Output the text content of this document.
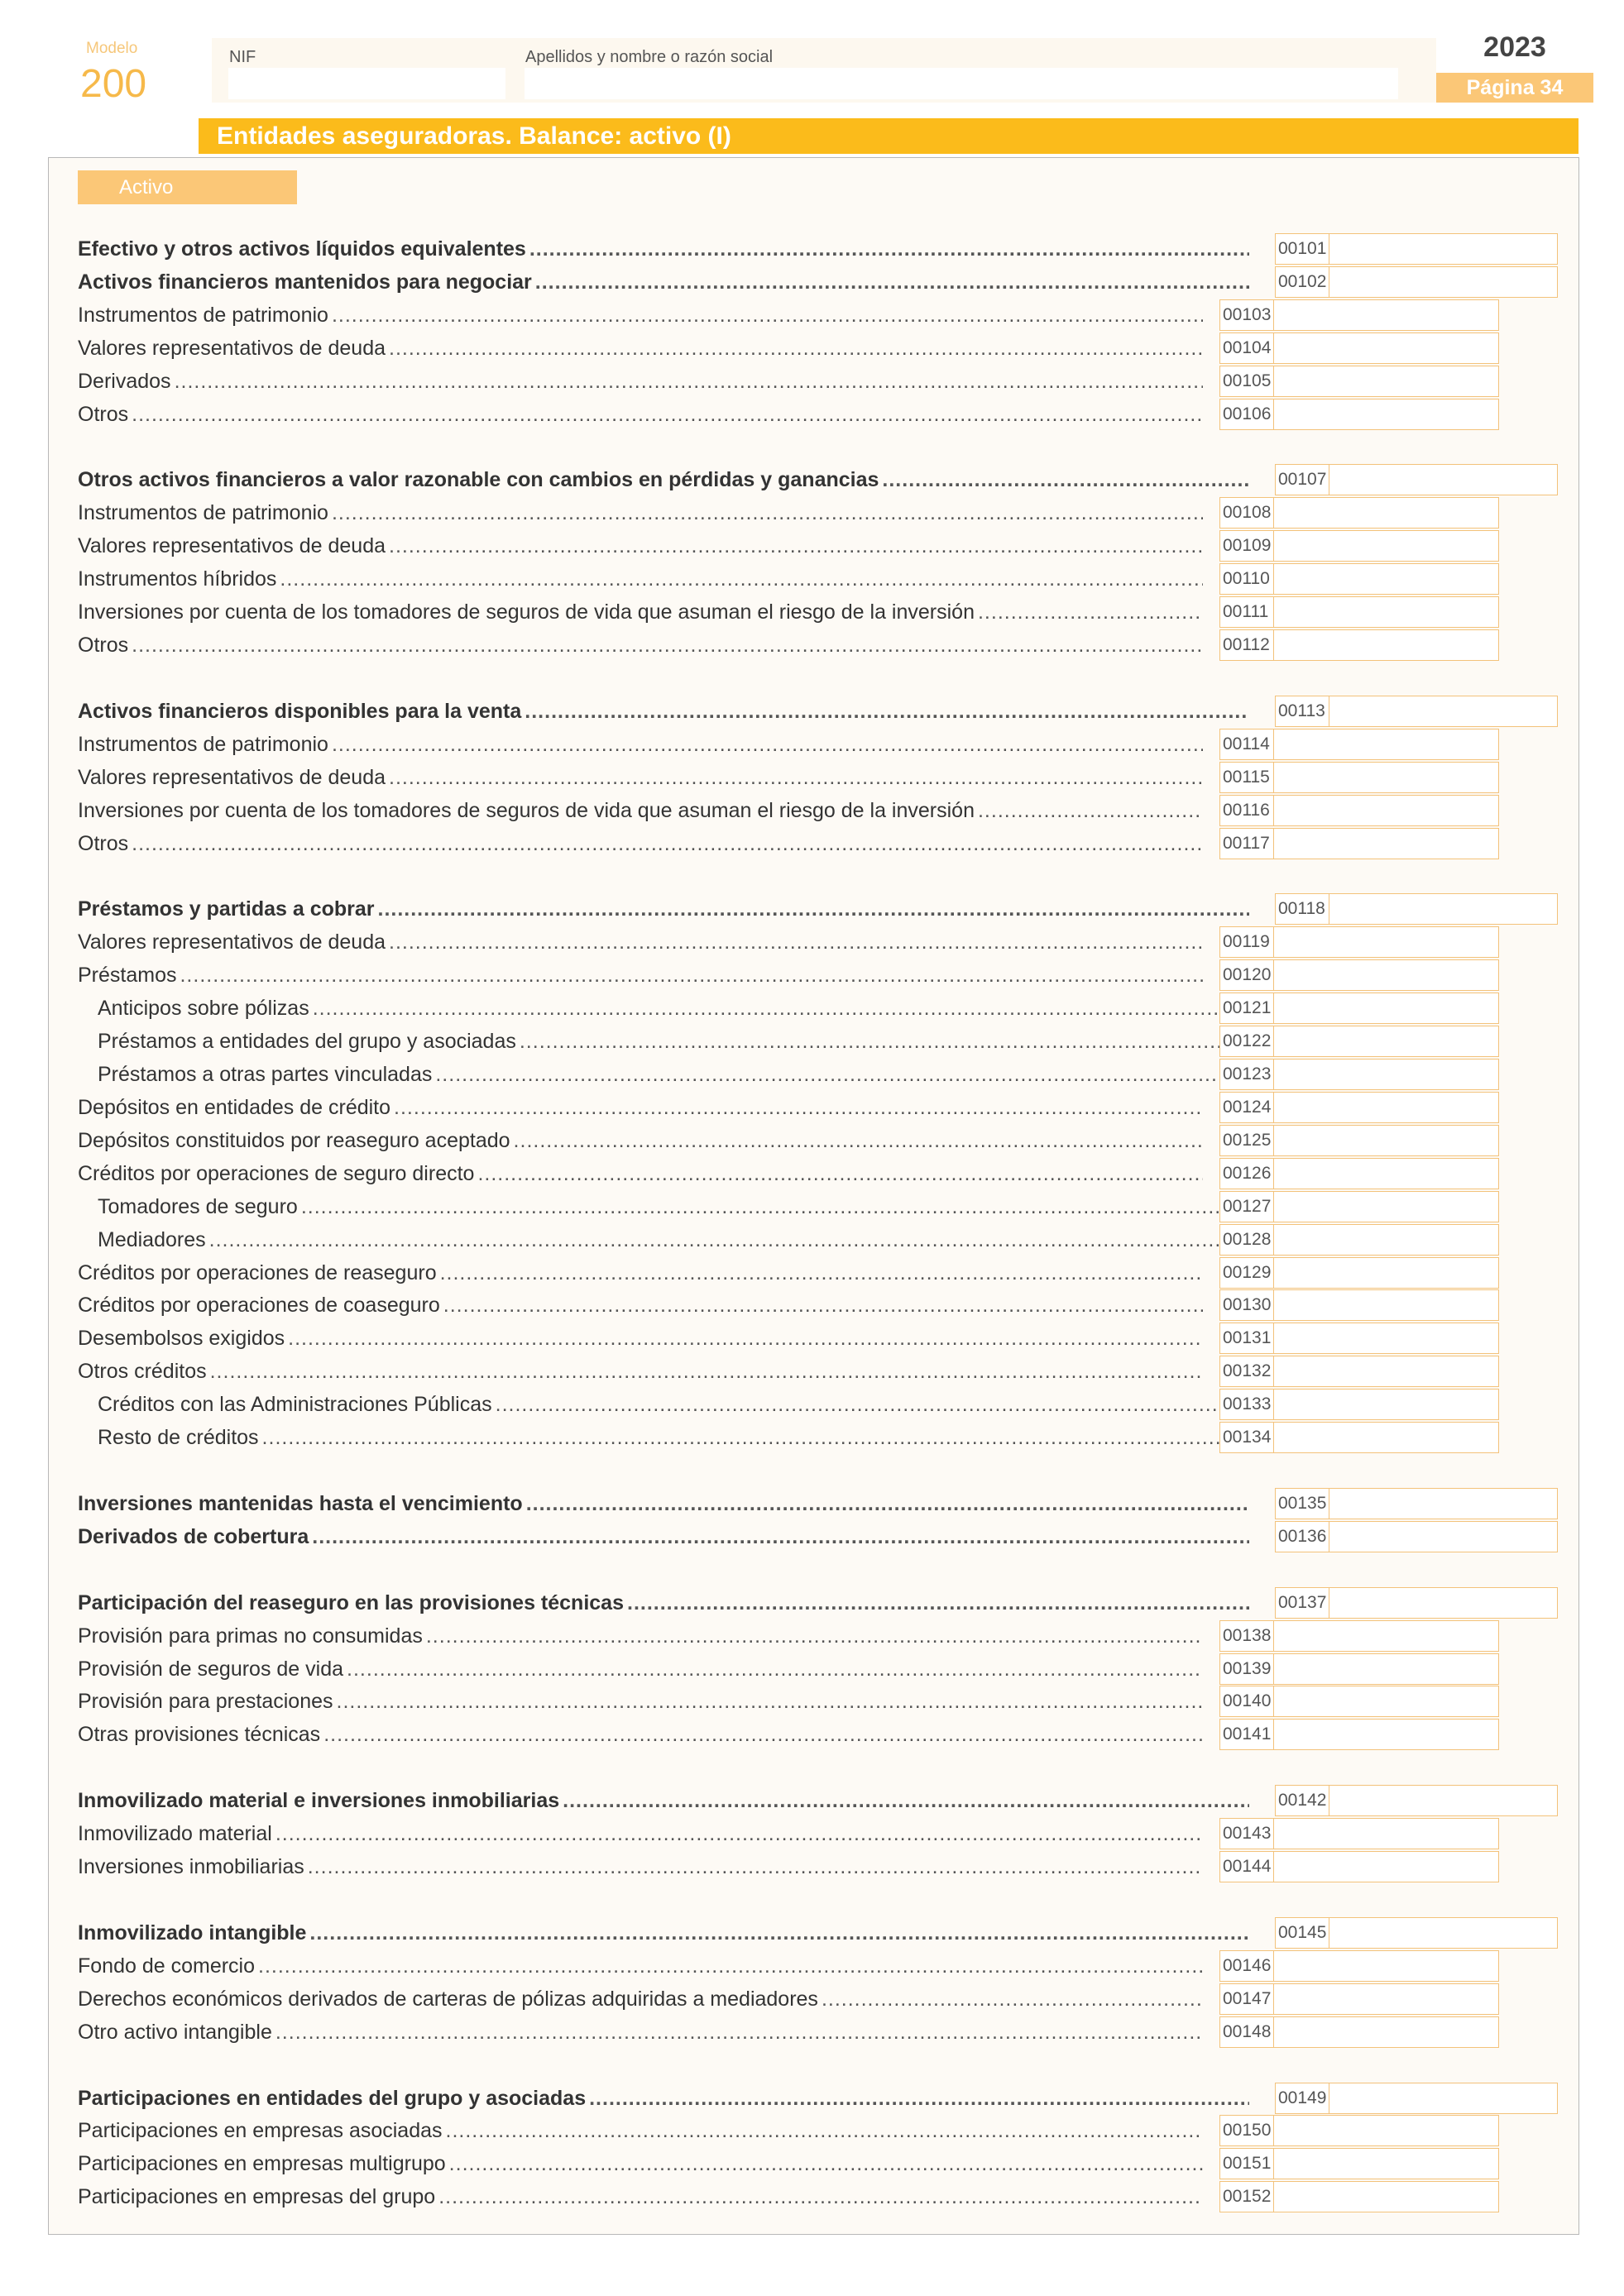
Modelo
200
NIF	Apellidos y nombre o razón social	2023
Página 34
Entidades aseguradoras. Balance: activo (I)
Activo
Efectivo y otros activos líquidos equivalentes .....	00101
Activos financieros mantenidos para negociar .....	00102
Instrumentos de patrimonio .....	00103
Valores representativos de deuda .....	00104
Derivados .....	00105
Otros .....	00106
Otros activos financieros a valor razonable con cambios en pérdidas y ganancias .....	00107
Instrumentos de patrimonio .....	00108
Valores representativos de deuda .....	00109
Instrumentos híbridos .....	00110
Inversiones por cuenta de los tomadores de seguros de vida que asuman el riesgo de la inversión .....	00111
Otros .....	00112
Activos financieros disponibles para la venta .....	00113
Instrumentos de patrimonio .....	00114
Valores representativos de deuda .....	00115
Inversiones por cuenta de los tomadores de seguros de vida que asuman el riesgo de la inversión .....	00116
Otros .....	00117
Préstamos y partidas a cobrar .....	00118
Valores representativos de deuda .....	00119
Préstamos .....	00120
Anticipos sobre pólizas .....	00121
Préstamos a entidades del grupo y asociadas .....	00122
Préstamos a otras partes vinculadas .....	00123
Depósitos en entidades de crédito .....	00124
Depósitos constituidos por reaseguro aceptado .....	00125
Créditos por operaciones de seguro directo .....	00126
Tomadores de seguro .....	00127
Mediadores .....	00128
Créditos por operaciones de reaseguro .....	00129
Créditos por operaciones de coaseguro .....	00130
Desembolsos exigidos .....	00131
Otros créditos .....	00132
Créditos con las Administraciones Públicas .....	00133
Resto de créditos .....	00134
Inversiones mantenidas hasta el vencimiento .....	00135
Derivados de cobertura .....	00136
Participación del reaseguro en las provisiones técnicas .....	00137
Provisión para primas no consumidas .....	00138
Provisión de seguros de vida .....	00139
Provisión para prestaciones .....	00140
Otras provisiones técnicas .....	00141
Inmovilizado material e inversiones inmobiliarias .....	00142
Inmovilizado material .....	00143
Inversiones inmobiliarias .....	00144
Inmovilizado intangible .....	00145
Fondo de comercio .....	00146
Derechos económicos derivados de carteras de pólizas adquiridas a mediadores .....	00147
Otro activo intangible .....	00148
Participaciones en entidades del grupo y asociadas .....	00149
Participaciones en empresas asociadas .....	00150
Participaciones en empresas multigrupo .....	00151
Participaciones en empresas del grupo .....	00152
